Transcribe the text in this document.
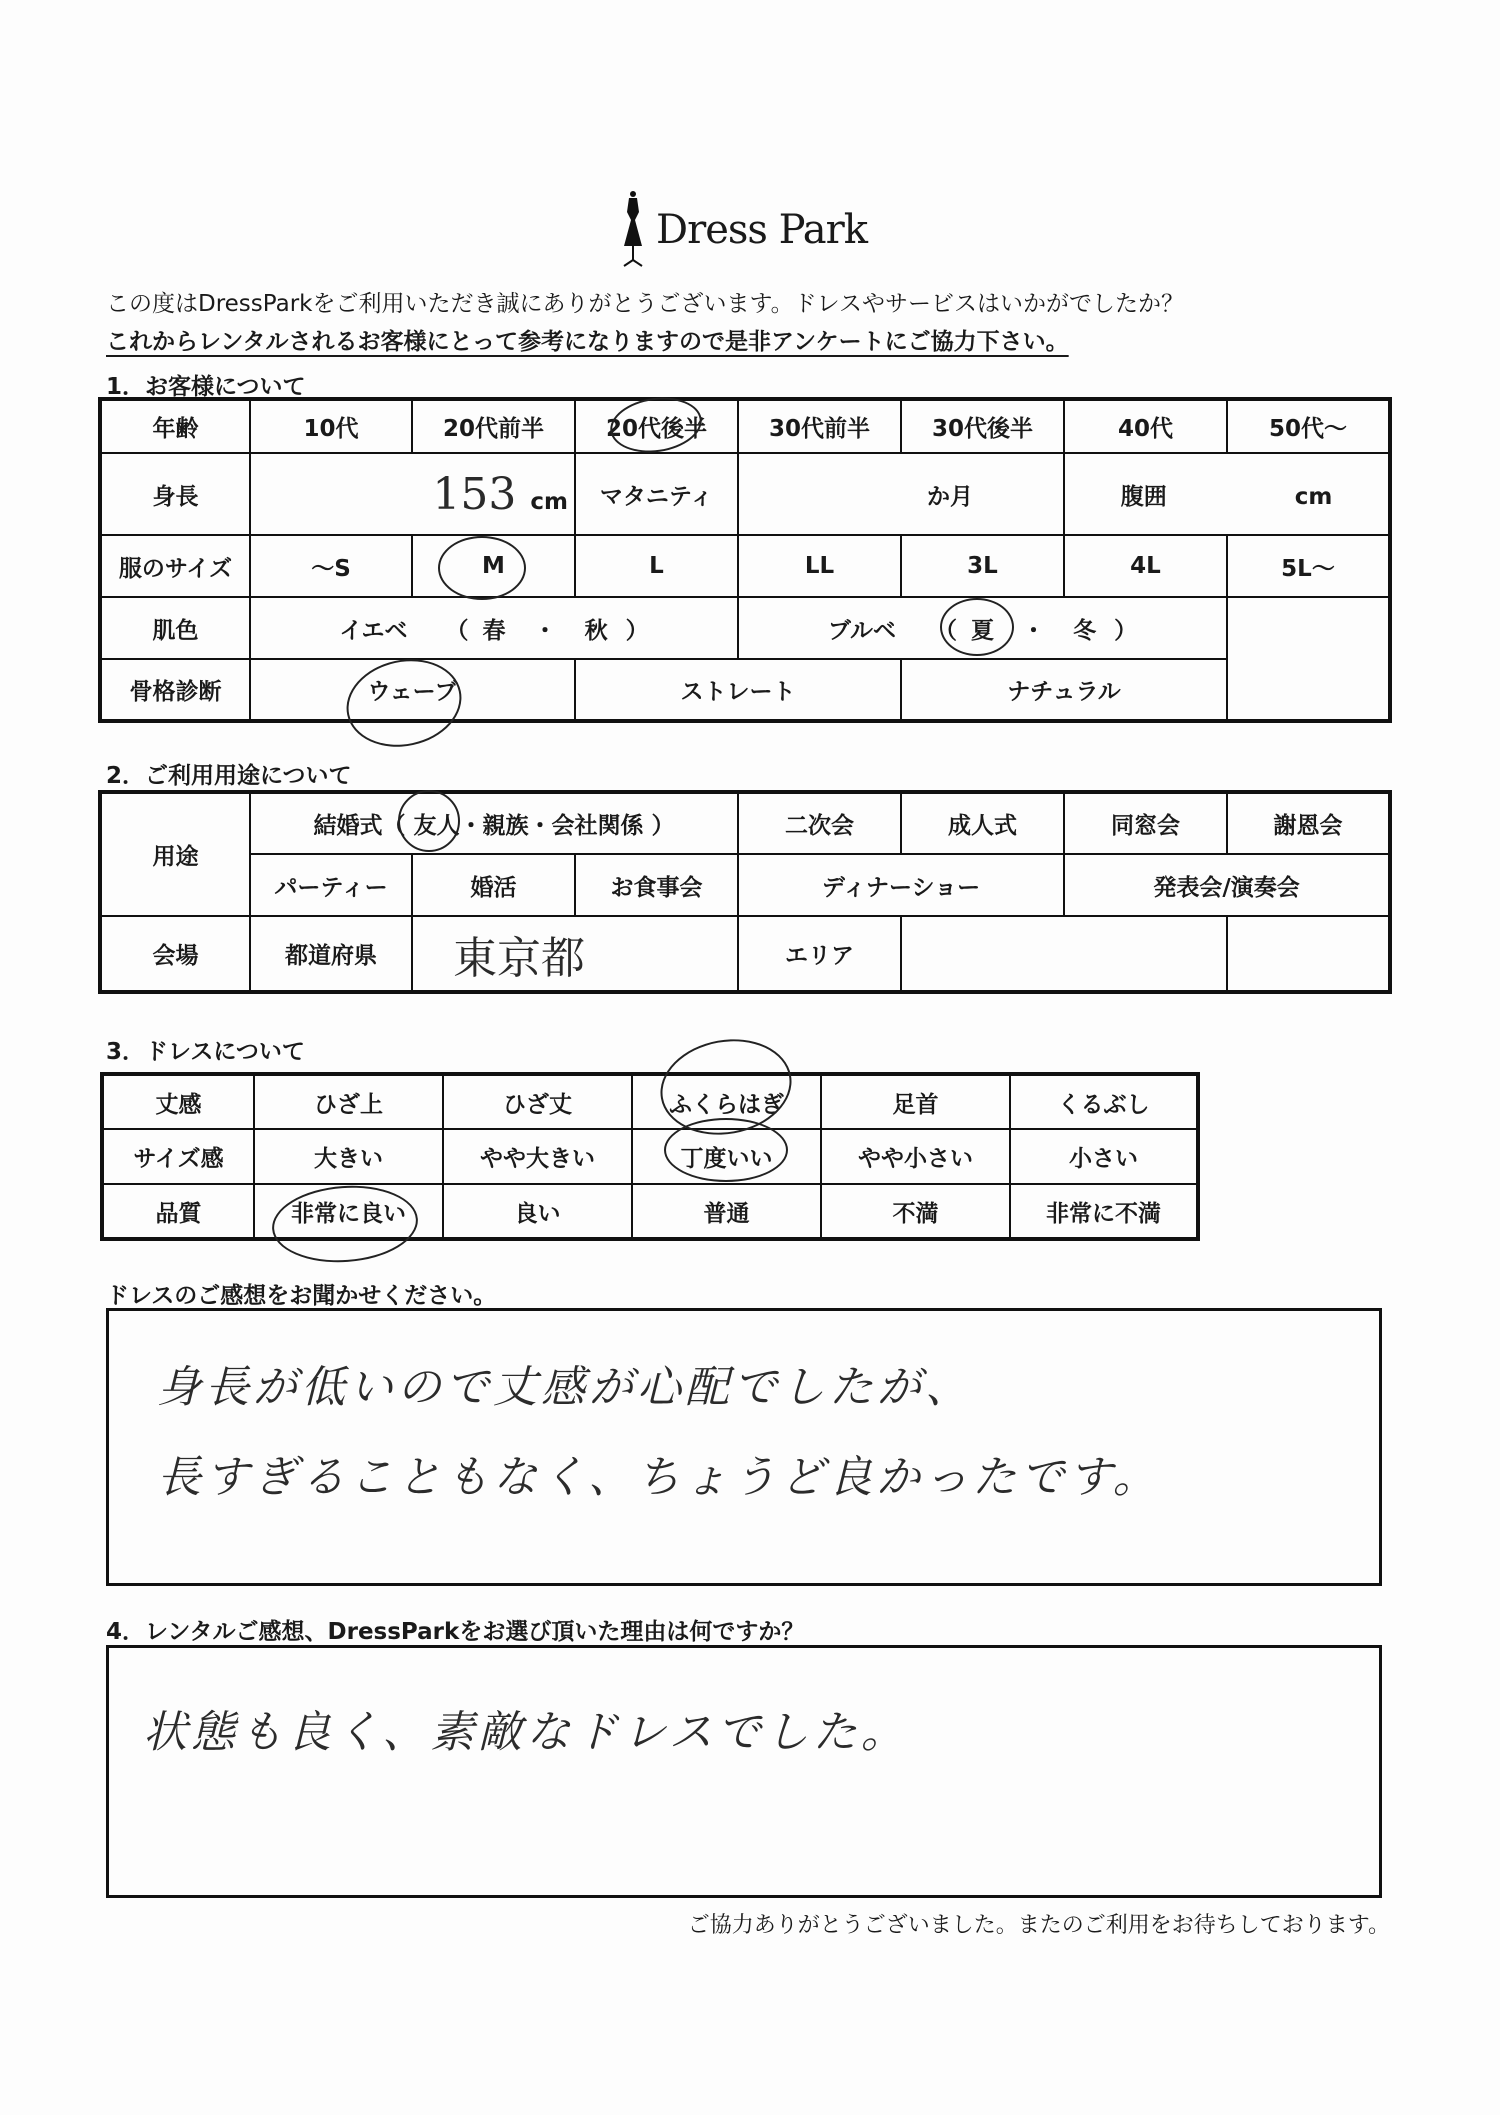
Dress Park
この度はDressParkをご利用いただき誠にありがとうございます。ドレスやサービスはいかがでしたか？
これからレンタルされるお客様にとって参考になりますので是非アンケートにご協力下さい。
1．お客様について
年齢	10代	20代前半	20代後半	30代前半	30代後半	40代	50代〜
身長	153 cm		マタニティ	か月		腹囲 cm	
服のサイズ	〜S	M	L	LL	3L	4L	5L〜
肌色	イエベ （ 春 ・ 秋 ）			ブルベ （ 夏 ・ 冬 ）			
骨格診断	ウェーブ		ストレート		ナチュラル		
2．ご利用用途について
用途	結婚式（ 友人・親族・会社関係 ）			二次会	成人式	同窓会	謝恩会
	パーティー	婚活	お食事会	ディナーショー		発表会/演奏会	
会場	都道府県	東京都		エリア			
3．ドレスについて
丈感	ひざ上	ひざ丈	ふくらはぎ	足首	くるぶし
サイズ感	大きい	やや大きい	丁度いい	やや小さい	小さい
品質	非常に良い	良い	普通	不満	非常に不満
ドレスのご感想をお聞かせください。
身長が低いので丈感が心配でしたが、
長すぎることもなく、ちょうど良かったです。
4．レンタルご感想、DressParkをお選び頂いた理由は何ですか？
状態も良く、素敵なドレスでした。
ご協力ありがとうございました。またのご利用をお待ちしております。
